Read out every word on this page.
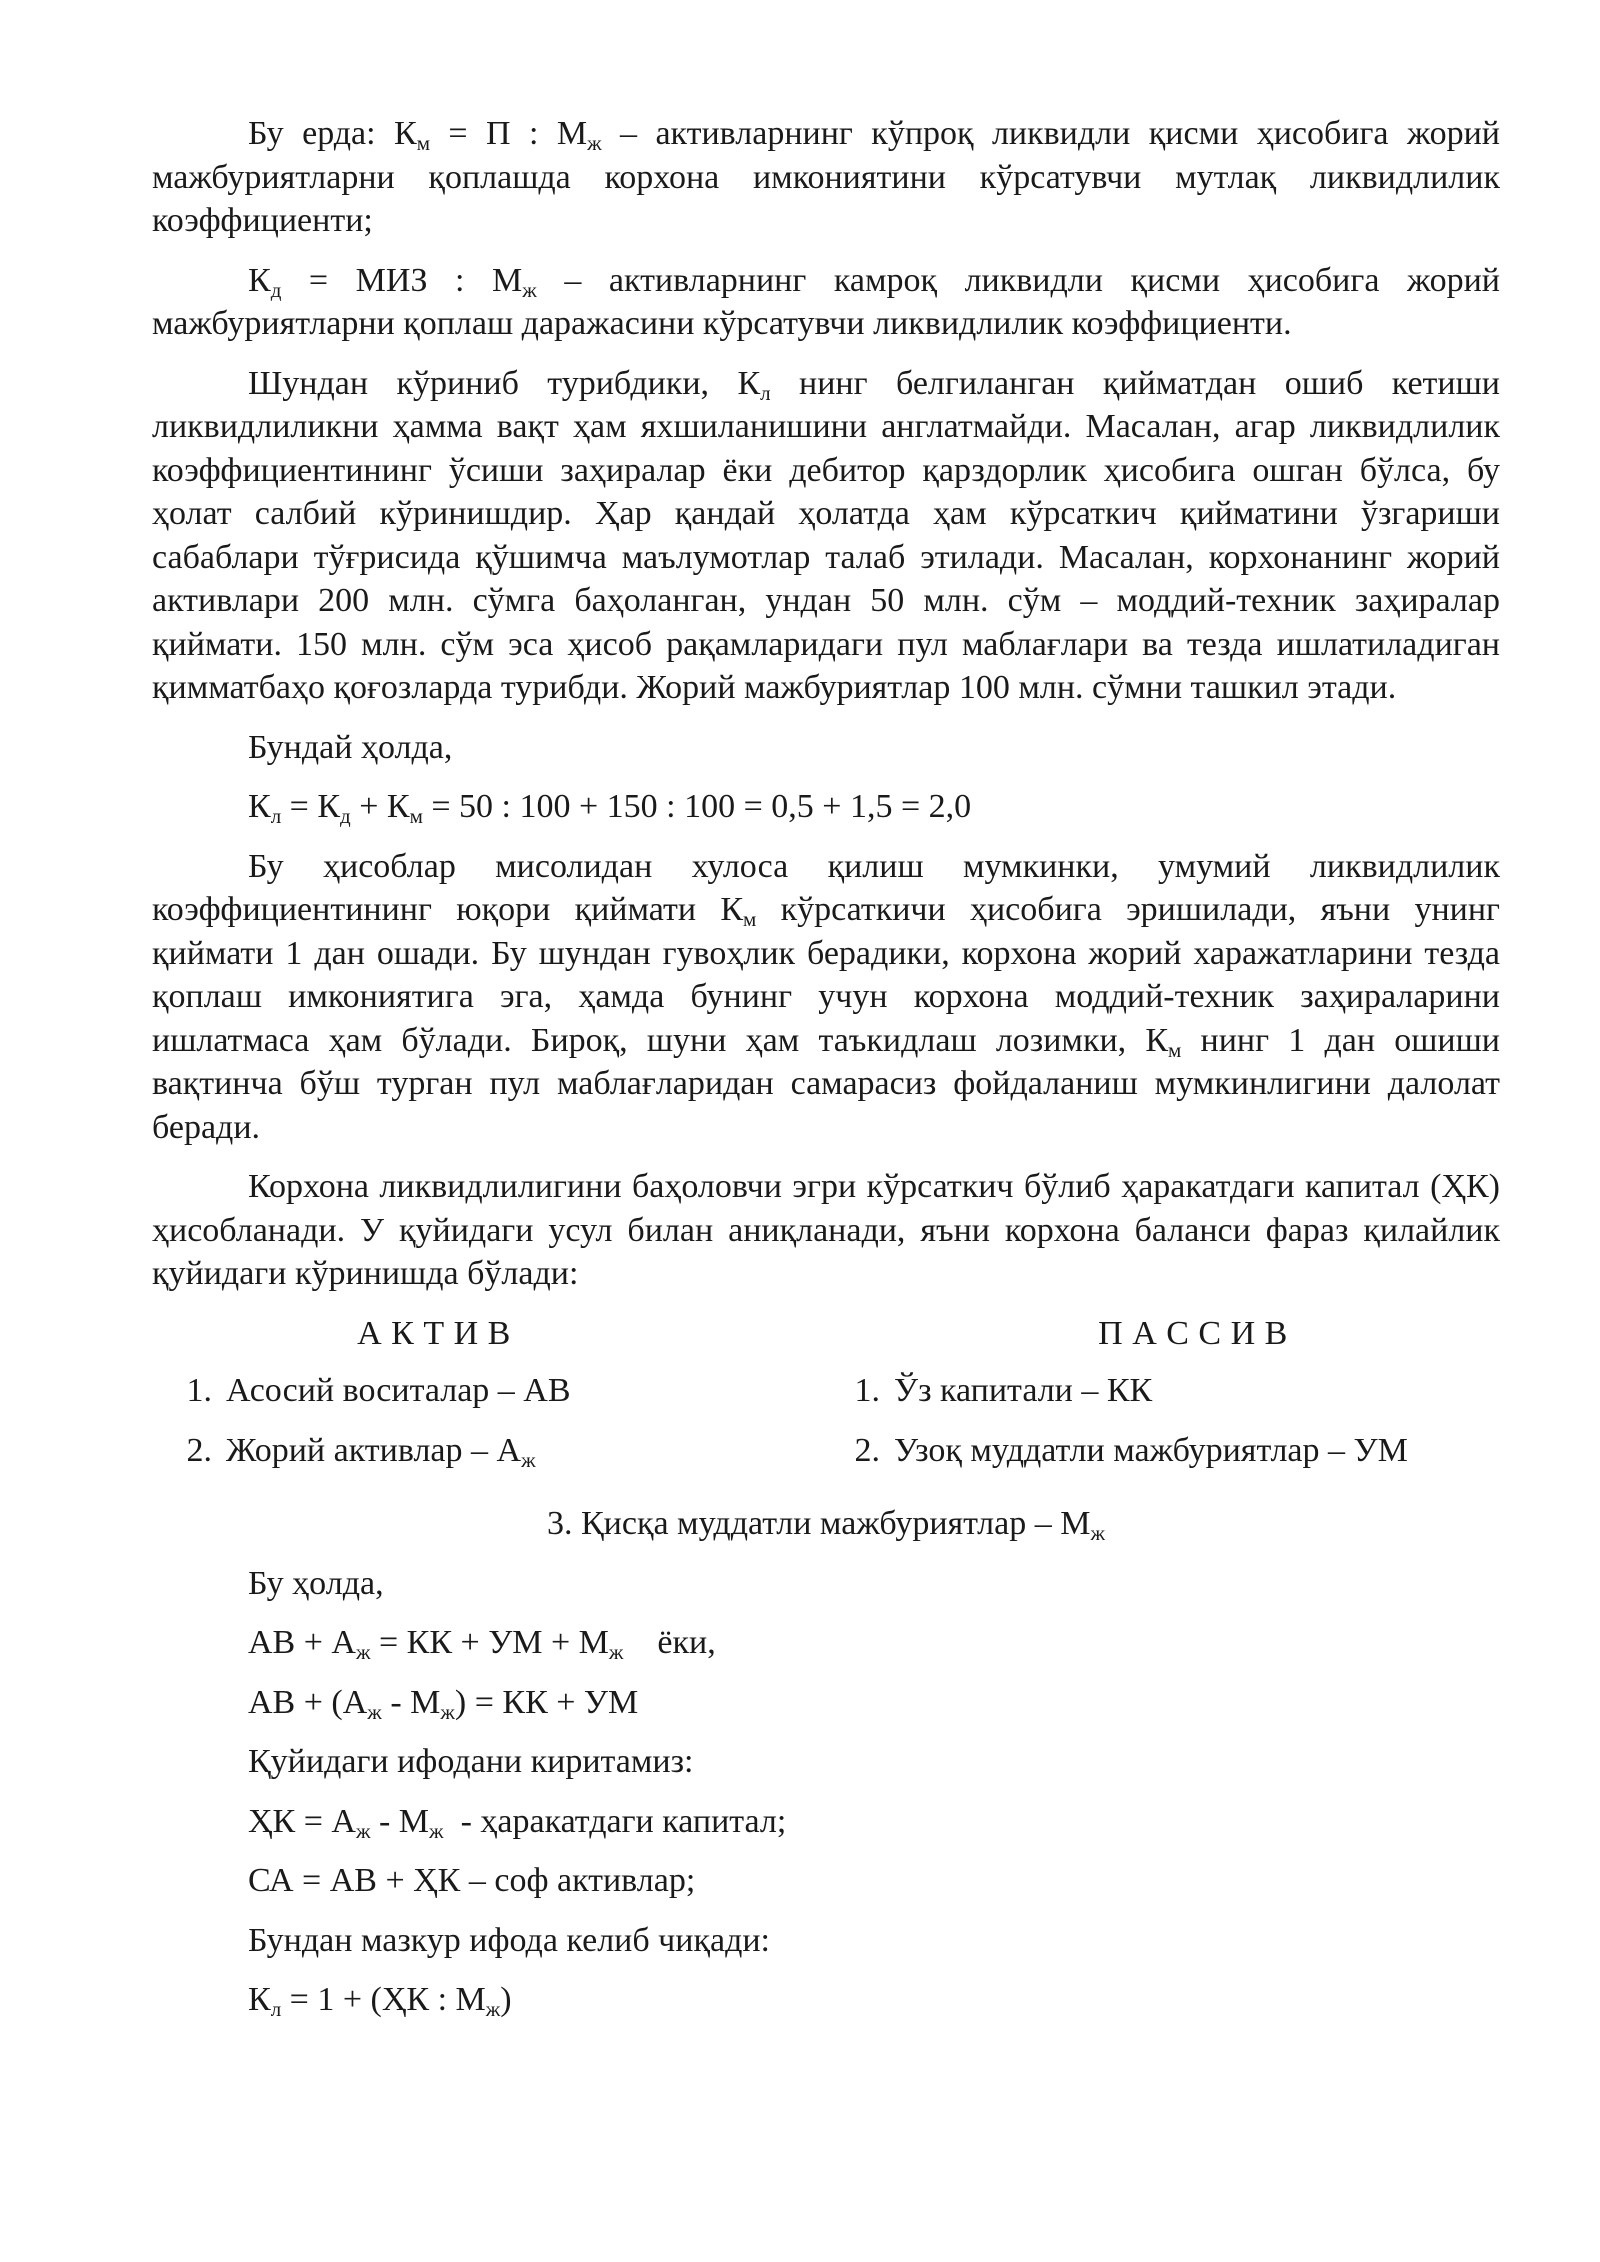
Бу ерда: $К_м = П$ : $М_ж$ – активларнинг кўпроқ ликвидли қисми ҳисобига жорий мажбуриятларни қоплашда корхона имкониятини кўрсатувчи мутлақ ликвидлилик коэффициенти;

$К_д$ = МИЗ : $М_ж$ – активларнинг камроқ ликвидли қисми ҳисобига жорий мажбуриятларни қоплаш даражасини кўрсатувчи ликвидлилик коэффициенти.

Шундан кўриниб турибдики, $К_л$ нинг белгиланган қийматдан ошиб кетиши ликвидлиликни ҳамма вақт ҳам яхшиланишини англатмайди. Масалан, агар ликвидлилик коэффициентининг ўсиши заҳиралар ёки дебитор қарздорлик ҳисобига ошган бўлса, бу ҳолат салбий кўринишдир. Ҳар қандай ҳолатда ҳам кўрсаткич қийматини ўзгариши сабаблари тўғрисида қўшимча маълумотлар талаб этилади. Масалан, корхонанинг жорий активлари 200 млн. сўмга баҳоланган, ундан 50 млн. сўм – моддий-техник заҳиралар қиймати. 150 млн. сўм эса ҳисоб рақамларидаги пул маблағлари ва тезда ишлатиладиган қимматбаҳо қоғозларда турибди. Жорий мажбуриятлар 100 млн. сўмни ташкил этади.

Бундай ҳолда,
$К_л = К_д + К_м = 50$ : 100 + 150 : 100 = 0,5 + 1,5 = 2,0

Бу ҳисоблар мисолидан хулоса қилиш мумкинки, умумий ликвидлилик коэффициентининг юқори қиймати $К_м$ кўрсаткичи ҳисобига эришилади, яъни унинг қиймати 1 дан ошади. Бу шундан гувоҳлик берадики, корхона жорий харажатларини тезда қоплаш имкониятига эга, ҳамда бунинг учун корхона моддий-техник заҳираларини ишлатмаса ҳам бўлади. Бироқ, шуни ҳам таъкидлаш лозимки, $К_м$ нинг 1 дан ошиши вақтинча бўш турган пул маблағларидан самарасиз фойдаланиш мумкинлигини далолат беради.

Корхона ликвидлилигини баҳоловчи эгри кўрсаткич бўлиб ҳаракатдаги капитал (ҲК) ҳисобланади. У қуйидаги усул билан аниқланади, яъни корхона баланси фараз қилайлик қуйидаги кўринишда бўлади:

А К Т И В
1. Асосий воситалар – АВ
2. Жорий активлар – $А_ж$
П А С С И В
1. Ўз капитали – КК
2. Узоқ муддатли мажбуриятлар – УМ
3. Қисқа муддатли мажбуриятлар – $М_ж$
Бу ҳолда,
АВ + $А_ж$ = КК + УМ + $М_ж$    ёки,
АВ + $(А_ж - М_ж)$ = КК + УМ
Қуйидаги ифодани киритамиз:
ҲК = $А_ж - М_ж$  - ҳаракатдаги капитал;
СА = АВ + ҲК – соф активлар;
Бундан мазкур ифода келиб чиқади:
$К_л = 1 + (ҲК$ : $М_ж$)
